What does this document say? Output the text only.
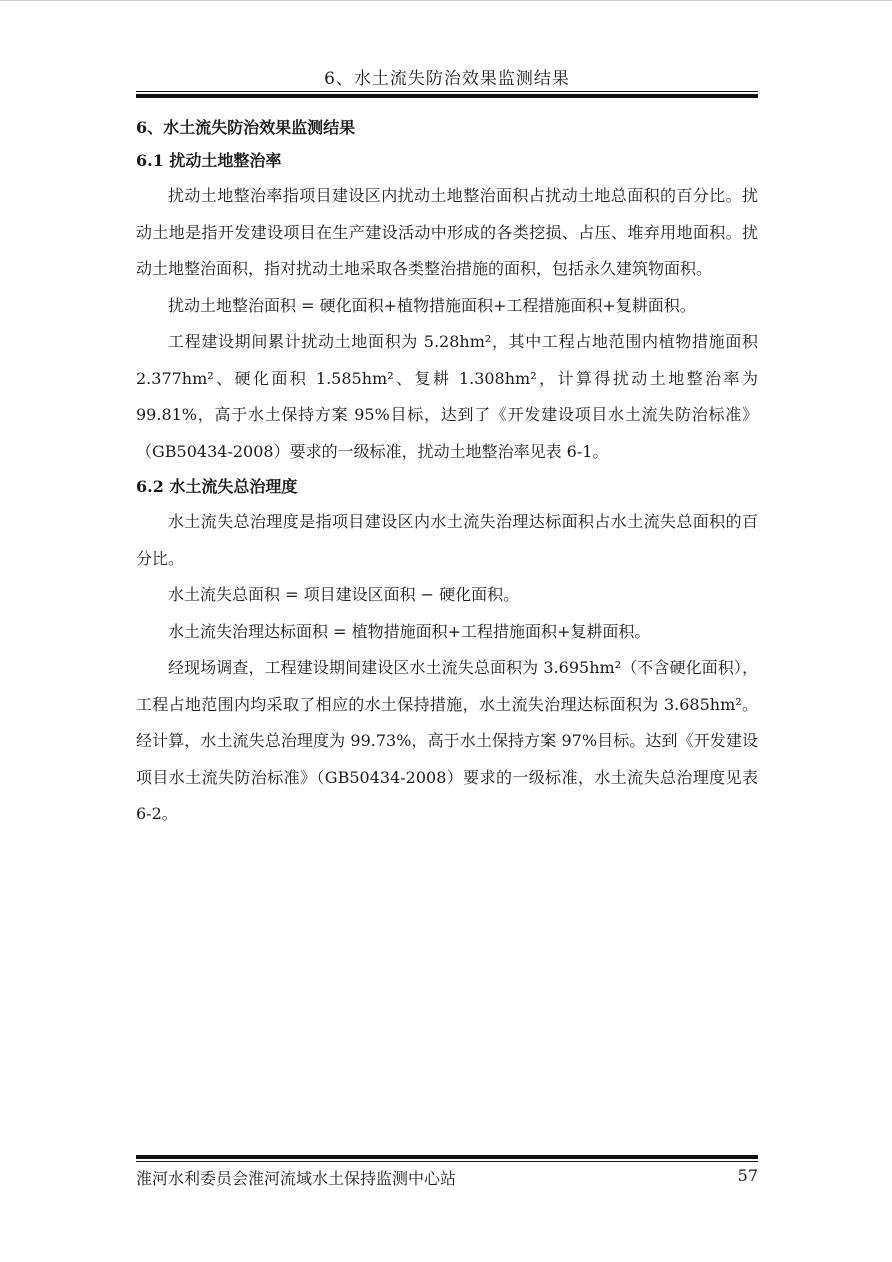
6、水土流失防治效果监测结果
6、水土流失防治效果监测结果
6.1 扰动土地整治率

扰动土地整治率指项目建设区内扰动土地整治面积占扰动土地总面积的百分比。扰动土地是指开发建设项目在生产建设活动中形成的各类挖损、占压、堆弃用地面积。扰动土地整治面积，指对扰动土地采取各类整治措施的面积，包括永久建筑物面积。

扰动土地整治面积 = 硬化面积+植物措施面积+工程措施面积+复耕面积。

工程建设期间累计扰动土地面积为 5.28hm²，其中工程占地范围内植物措施面积 2.377hm²、硬化面积 1.585hm²、复耕 1.308hm²，计算得扰动土地整治率为 99.81%，高于水土保持方案 95%目标，达到了《开发建设项目水土流失防治标准》（GB50434-2008）要求的一级标准，扰动土地整治率见表 6-1。

6.2 水土流失总治理度

水土流失总治理度是指项目建设区内水土流失治理达标面积占水土流失总面积的百分比。

水土流失总面积 = 项目建设区面积 − 硬化面积。

水土流失治理达标面积 = 植物措施面积+工程措施面积+复耕面积。

经现场调查，工程建设期间建设区水土流失总面积为 3.695hm²（不含硬化面积），工程占地范围内均采取了相应的水土保持措施，水土流失治理达标面积为 3.685hm²。经计算，水土流失总治理度为 99.73%，高于水土保持方案 97%目标。达到《开发建设项目水土流失防治标准》（GB50434-2008）要求的一级标准，水土流失总治理度见表 6-2。

淮河水利委员会淮河流域水土保持监测中心站	57
